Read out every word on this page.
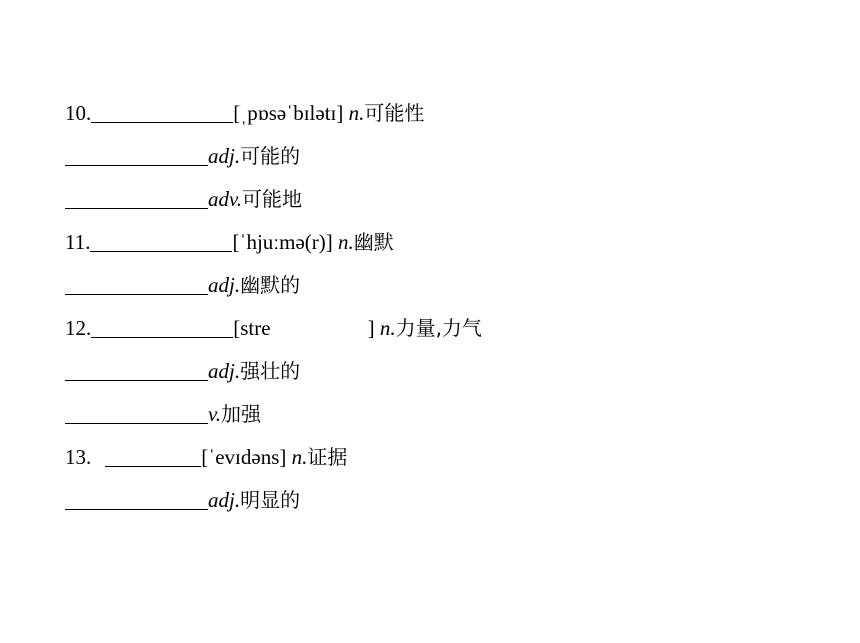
10.	[ˌpɒsəˈbɪlətɪ] n.可能性
adj.可能的
adv.可能地
11.	[ˈhjuːmə(r)] n.幽默
adj.幽默的
12.	[stre	] n.力量,力气
adj.强壮的
v.加强
13.	[ˈevɪdəns] n.证据
adj.明显的
